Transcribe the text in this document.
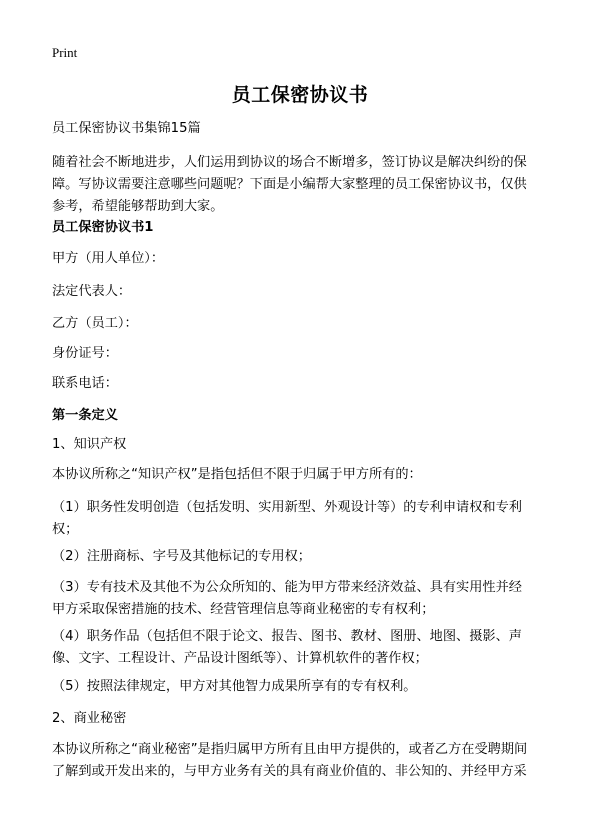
Print
员工保密协议书
员工保密协议书集锦15篇
随着社会不断地进步，人们运用到协议的场合不断增多，签订协议是解决纠纷的保
障。写协议需要注意哪些问题呢？下面是小编帮大家整理的员工保密协议书，仅供
参考，希望能够帮助到大家。
员工保密协议书1
甲方（用人单位）：
法定代表人：
乙方（员工）：
身份证号：
联系电话：
第一条定义
1、知识产权
本协议所称之“知识产权”是指包括但不限于归属于甲方所有的：
（1）职务性发明创造（包括发明、实用新型、外观设计等）的专利申请权和专利
权；
（2）注册商标、字号及其他标记的专用权；
（3）专有技术及其他不为公众所知的、能为甲方带来经济效益、具有实用性并经
甲方采取保密措施的技术、经营管理信息等商业秘密的专有权利；
（4）职务作品（包括但不限于论文、报告、图书、教材、图册、地图、摄影、声
像、文字、工程设计、产品设计图纸等）、计算机软件的著作权；
（5）按照法律规定，甲方对其他智力成果所享有的专有权利。
2、商业秘密
本协议所称之“商业秘密”是指归属甲方所有且由甲方提供的，或者乙方在受聘期间
了解到或开发出来的，与甲方业务有关的具有商业价值的、非公知的、并经甲方采
